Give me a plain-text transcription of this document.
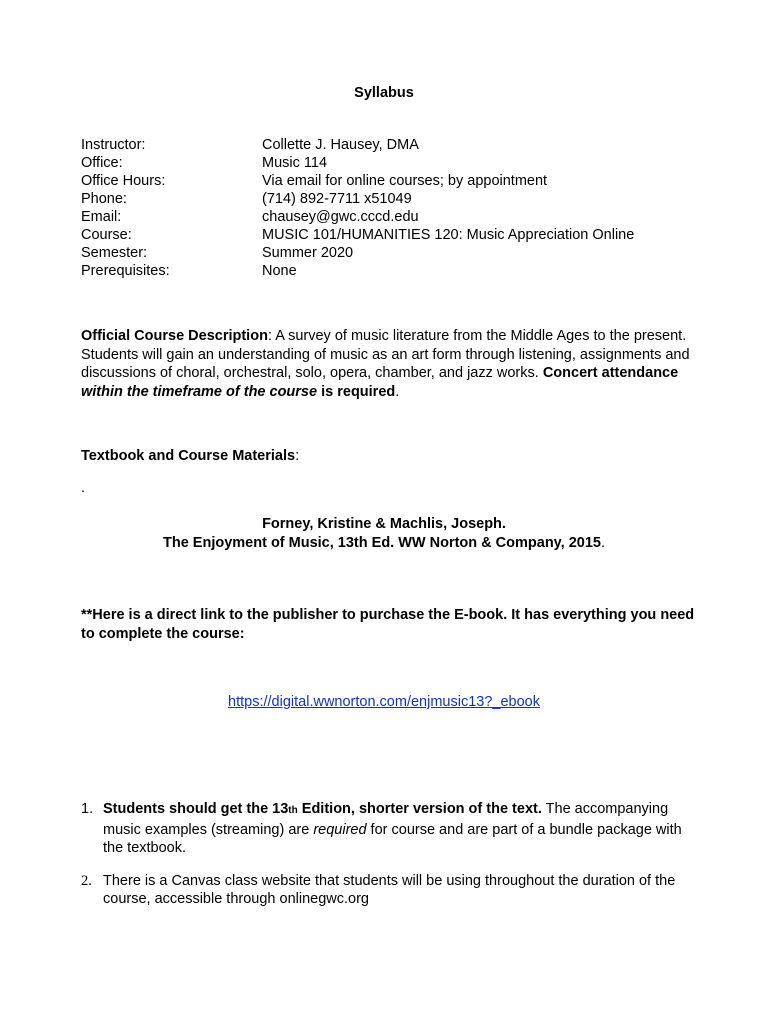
Syllabus
Instructor:	Collette J. Hausey, DMA
Office:	Music 114
Office Hours:	Via email for online courses; by appointment
Phone:	(714) 892-7711 x51049
Email:	chausey@gwc.cccd.edu
Course:	MUSIC 101/HUMANITIES 120: Music Appreciation Online
Semester:	Summer 2020
Prerequisites:	None
Official Course Description: A survey of music literature from the Middle Ages to the present. Students will gain an understanding of music as an art form through listening, assignments and discussions of choral, orchestral, solo, opera, chamber, and jazz works. Concert attendance within the timeframe of the course is required.
Textbook and Course Materials:
.
Forney, Kristine & Machlis, Joseph.
The Enjoyment of Music, 13th Ed. WW Norton & Company, 2015.
**Here is a direct link to the publisher to purchase the E-book. It has everything you need to complete the course:
https://digital.wwnorton.com/enjmusic13?_ebook
1. Students should get the 13th Edition, shorter version of the text. The accompanying music examples (streaming) are required for course and are part of a bundle package with the textbook.
2. There is a Canvas class website that students will be using throughout the duration of the course, accessible through onlinegwc.org
